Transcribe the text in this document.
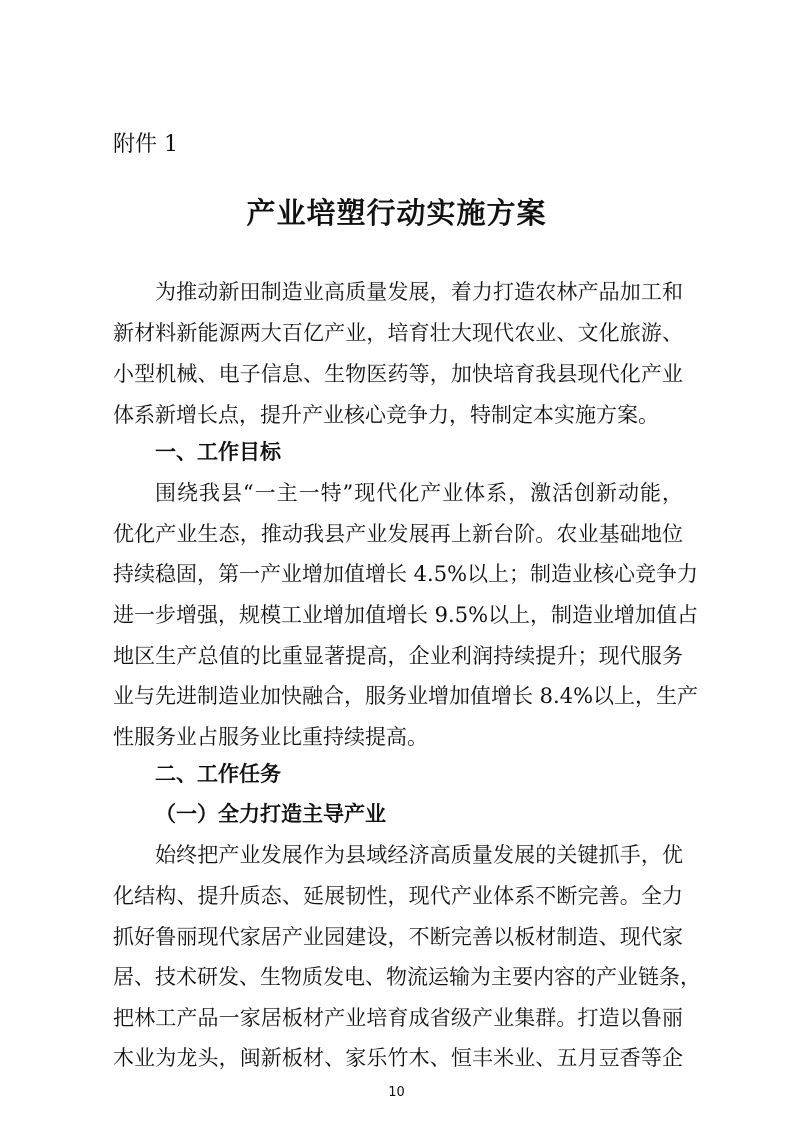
附件 1
产业培塑行动实施方案
为推动新田制造业高质量发展，着力打造农林产品加工和
新材料新能源两大百亿产业，培育壮大现代农业、文化旅游、
小型机械、电子信息、生物医药等，加快培育我县现代化产业
体系新增长点，提升产业核心竞争力，特制定本实施方案。
一、工作目标
围绕我县“一主一特”现代化产业体系，激活创新动能，
优化产业生态，推动我县产业发展再上新台阶。农业基础地位
持续稳固，第一产业增加值增长 4.5%以上；制造业核心竞争力
进一步增强，规模工业增加值增长 9.5%以上，制造业增加值占
地区生产总值的比重显著提高，企业利润持续提升；现代服务
业与先进制造业加快融合，服务业增加值增长 8.4%以上，生产
性服务业占服务业比重持续提高。
二、工作任务
（一）全力打造主导产业
始终把产业发展作为县域经济高质量发展的关键抓手，优
化结构、提升质态、延展韧性，现代产业体系不断完善。全力
抓好鲁丽现代家居产业园建设，不断完善以板材制造、现代家
居、技术研发、生物质发电、物流运输为主要内容的产业链条，
把林工产品一家居板材产业培育成省级产业集群。打造以鲁丽
木业为龙头，闽新板材、家乐竹木、恒丰米业、五月豆香等企
10
